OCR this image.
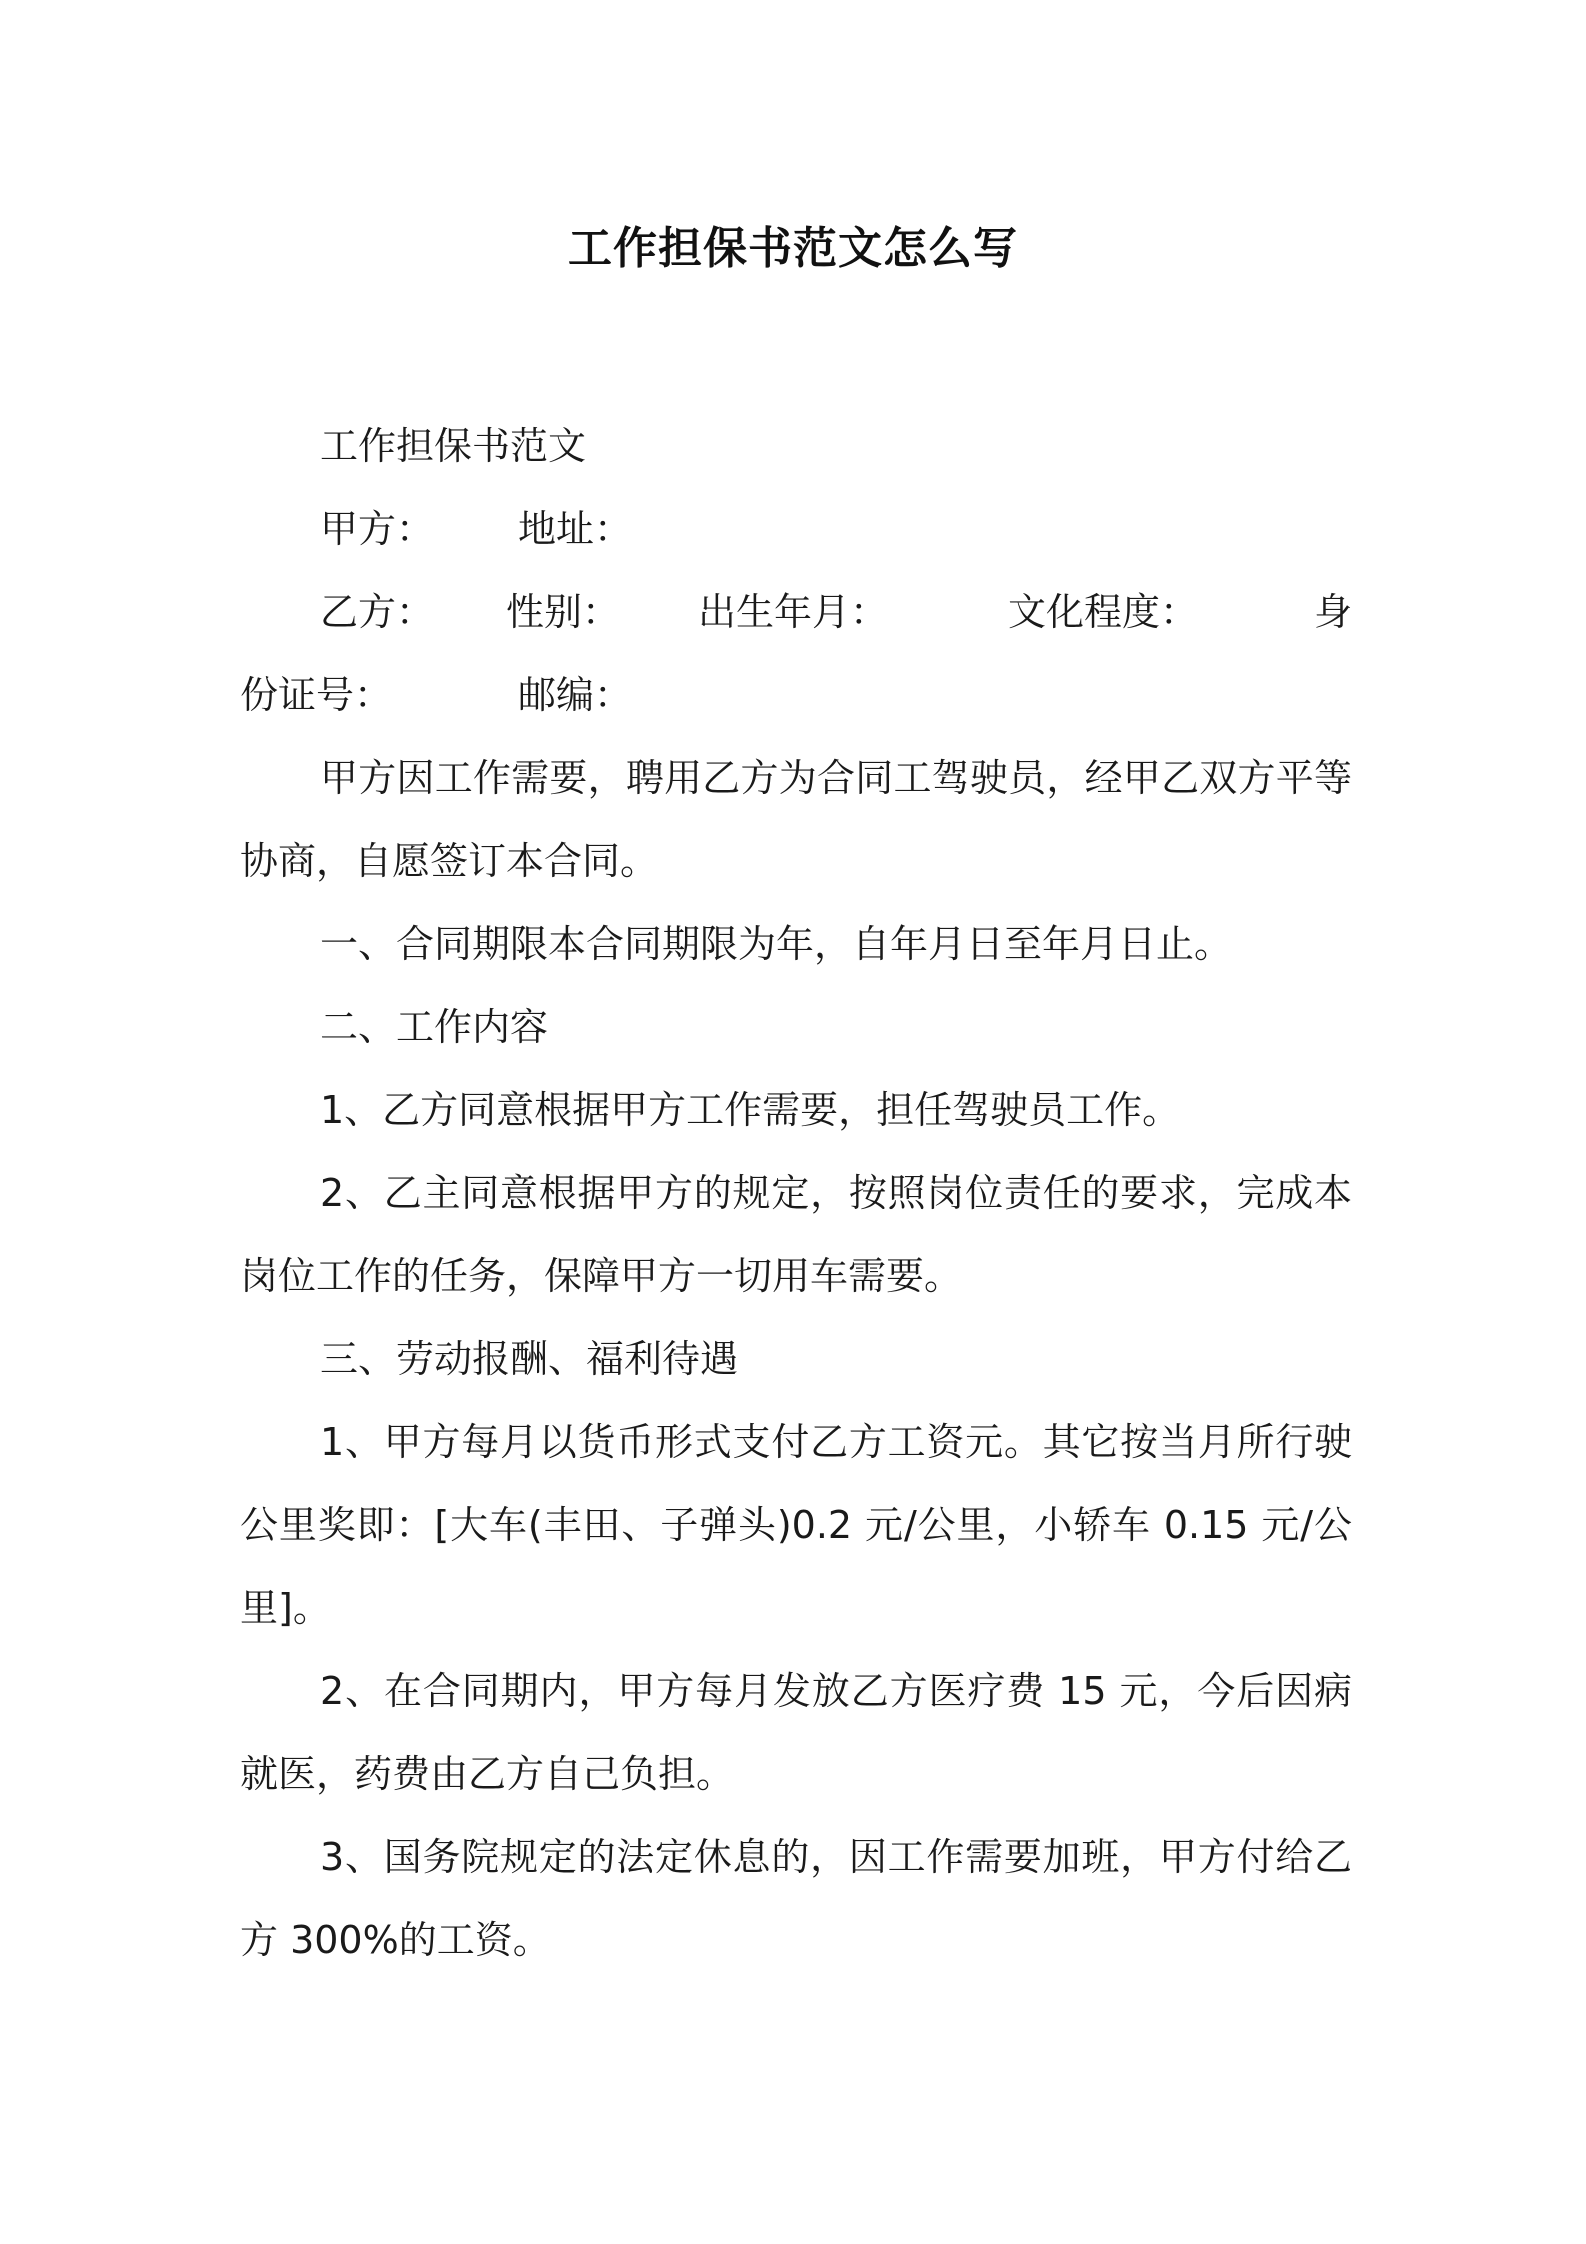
工作担保书范文怎么写

工作担保书范文

甲方： 地址：
乙方： 性别： 出生年月：	文化程度：	身
份证号：	邮编：

甲方因工作需要，聘用乙方为合同工驾驶员，经甲乙双方平等协商，自愿签订本合同。

一、合同期限本合同期限为年，自年月日至年月日止。

二、工作内容

1、乙方同意根据甲方工作需要，担任驾驶员工作。

2、乙主同意根据甲方的规定，按照岗位责任的要求，完成本岗位工作的任务，保障甲方一切用车需要。

三、劳动报酬、福利待遇

1、甲方每月以货币形式支付乙方工资元。其它按当月所行驶公里奖即：[大车(丰田、子弹头)0.2 元/公里，小轿车 0.15 元/公里]。

2、在合同期内，甲方每月发放乙方医疗费 15 元，今后因病就医，药费由乙方自己负担。

3、国务院规定的法定休息的，因工作需要加班，甲方付给乙方 300%的工资。
